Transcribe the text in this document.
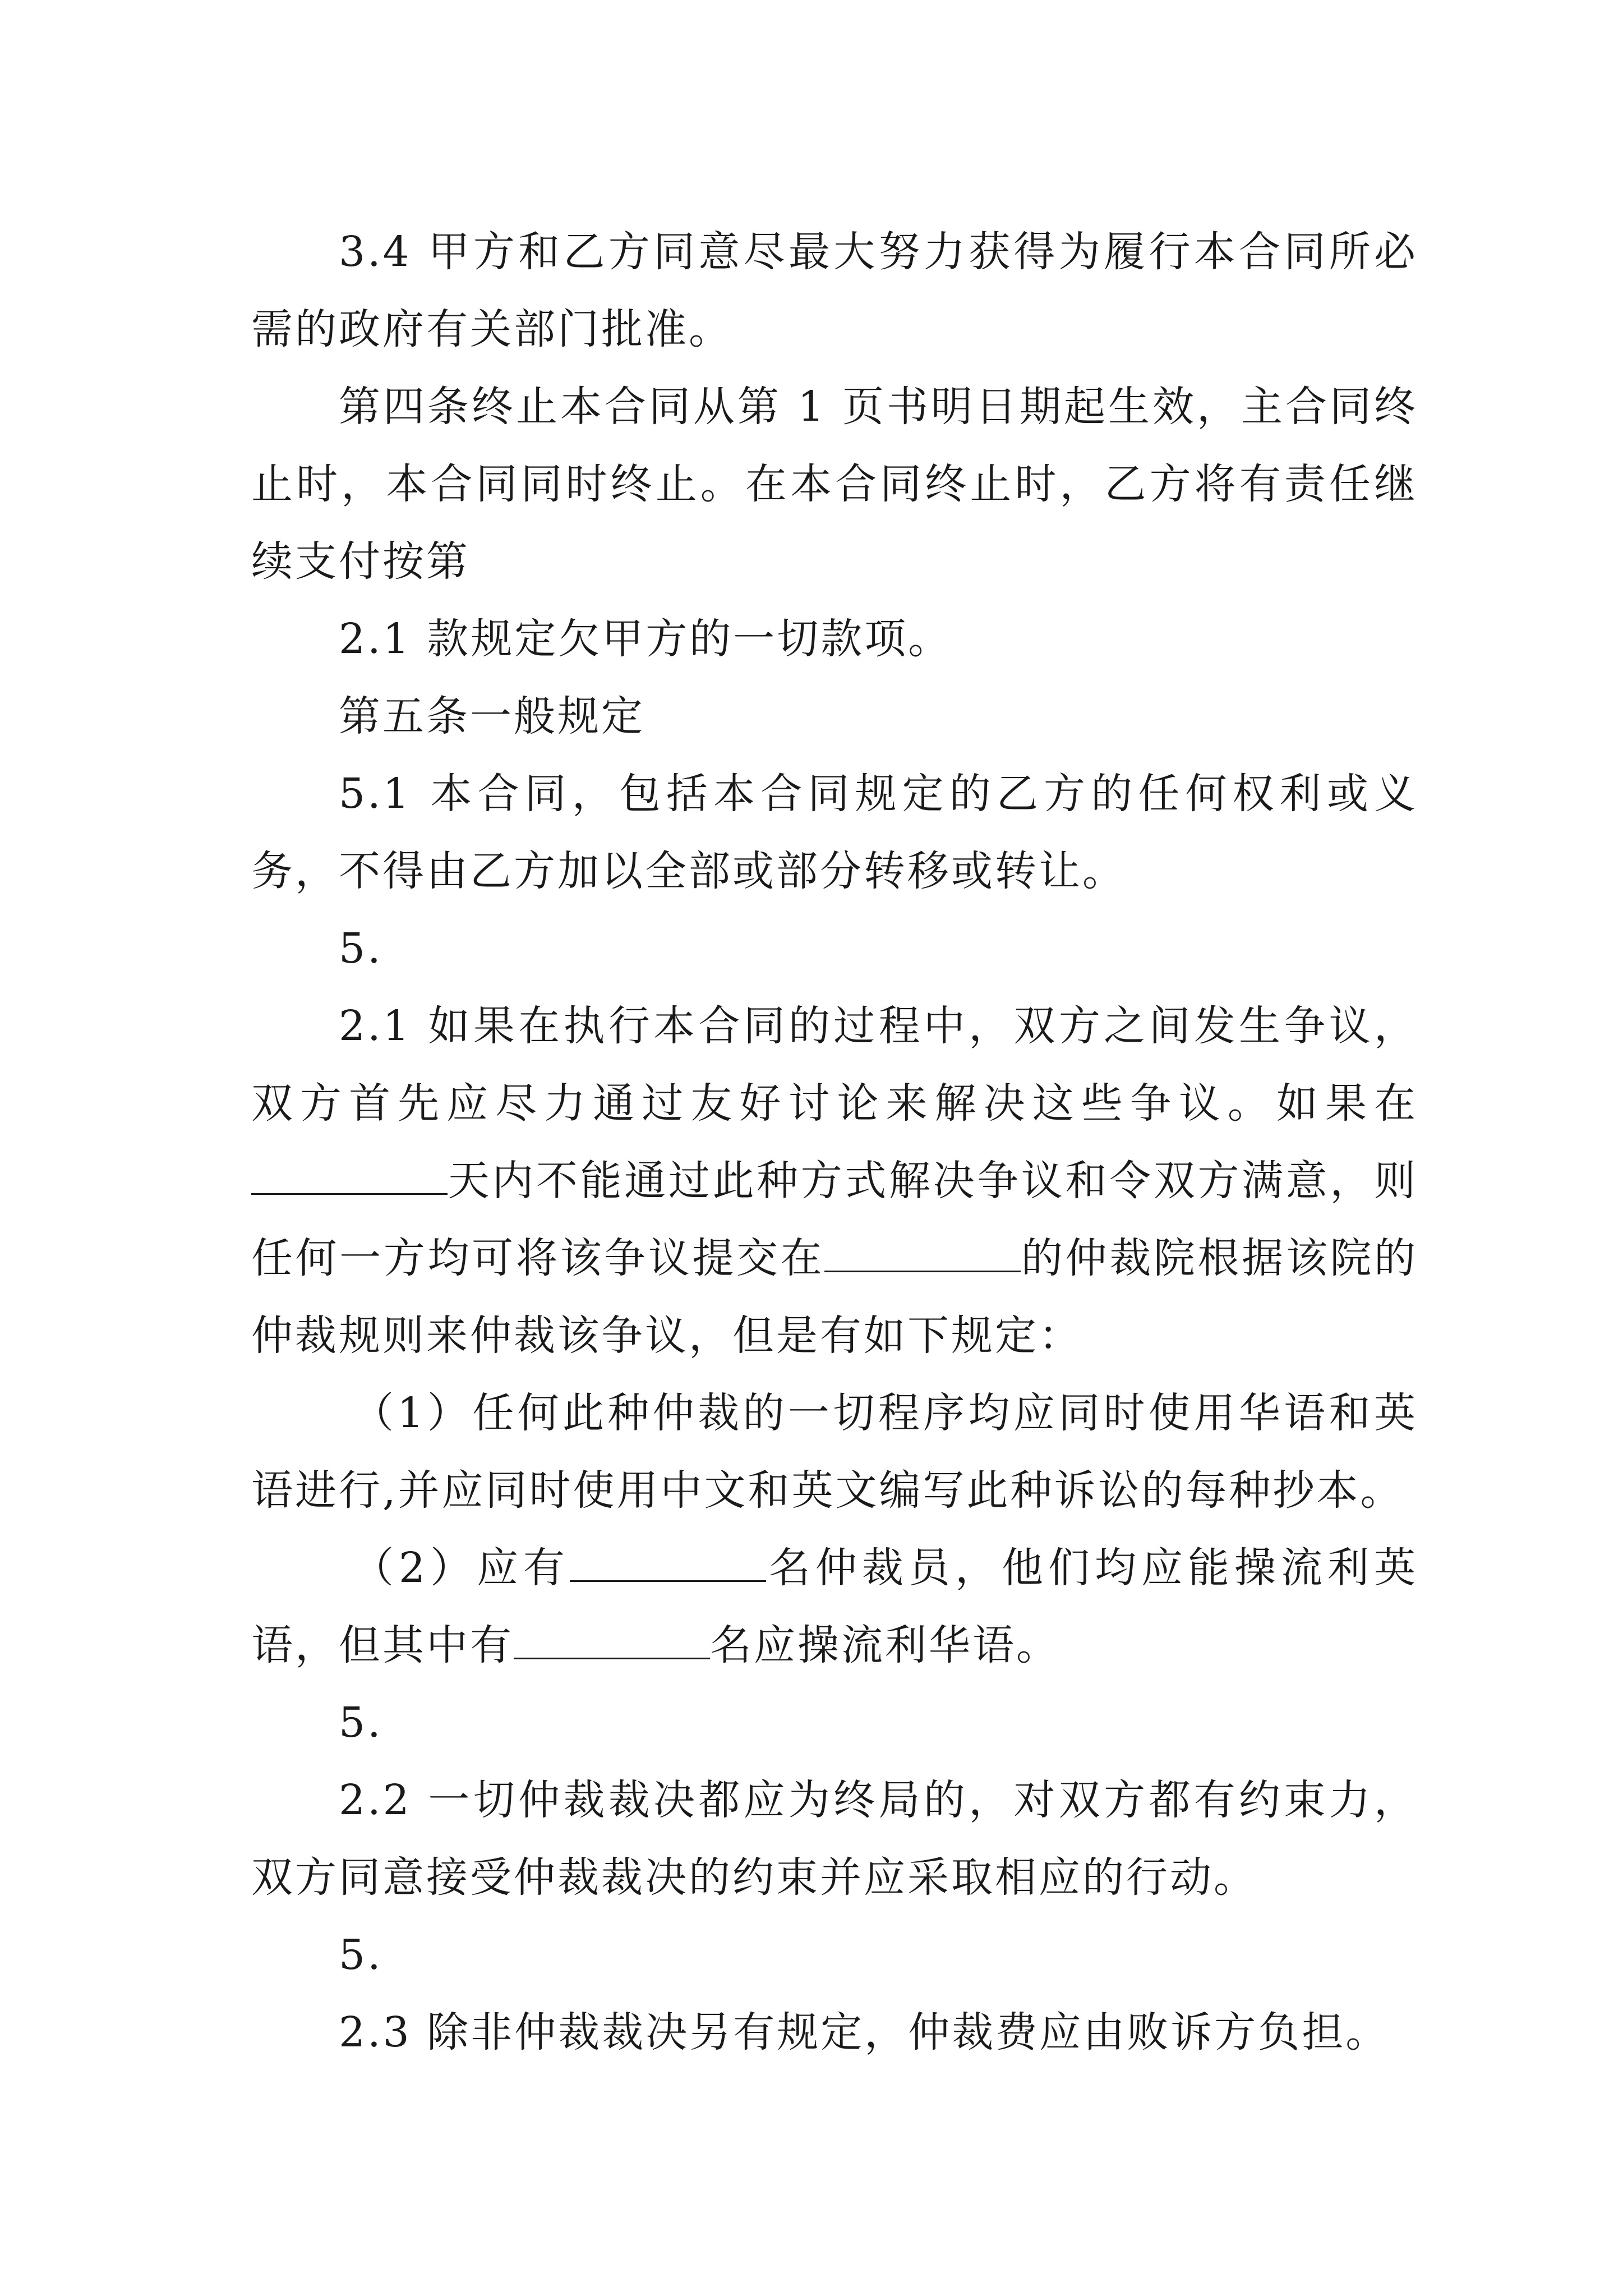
3.4 甲方和乙方同意尽最大努力获得为履行本合同所必需的政府有关部门批准。

第四条终止本合同从第 1 页书明日期起生效，主合同终止时，本合同同时终止。在本合同终止时，乙方将有责任继续支付按第

2.1 款规定欠甲方的一切款项。

第五条一般规定

5.1 本合同，包括本合同规定的乙方的任何权利或义务，不得由乙方加以全部或部分转移或转让。

5.

2.1 如果在执行本合同的过程中，双方之间发生争议，双方首先应尽力通过友好讨论来解决这些争议。如果在天内不能通过此种方式解决争议和令双方满意，则任何一方均可将该争议提交在	的仲裁院根据该院的仲裁规则来仲裁该争议，但是有如下规定：

（1）任何此种仲裁的一切程序均应同时使用华语和英语进行,并应同时使用中文和英文编写此种诉讼的每种抄本。

（2）应有	名仲裁员，他们均应能操流利英语，但其中有	名应操流利华语。

5.

2.2 一切仲裁裁决都应为终局的，对双方都有约束力，双方同意接受仲裁裁决的约束并应采取相应的行动。

5.

2.3 除非仲裁裁决另有规定，仲裁费应由败诉方负担。
